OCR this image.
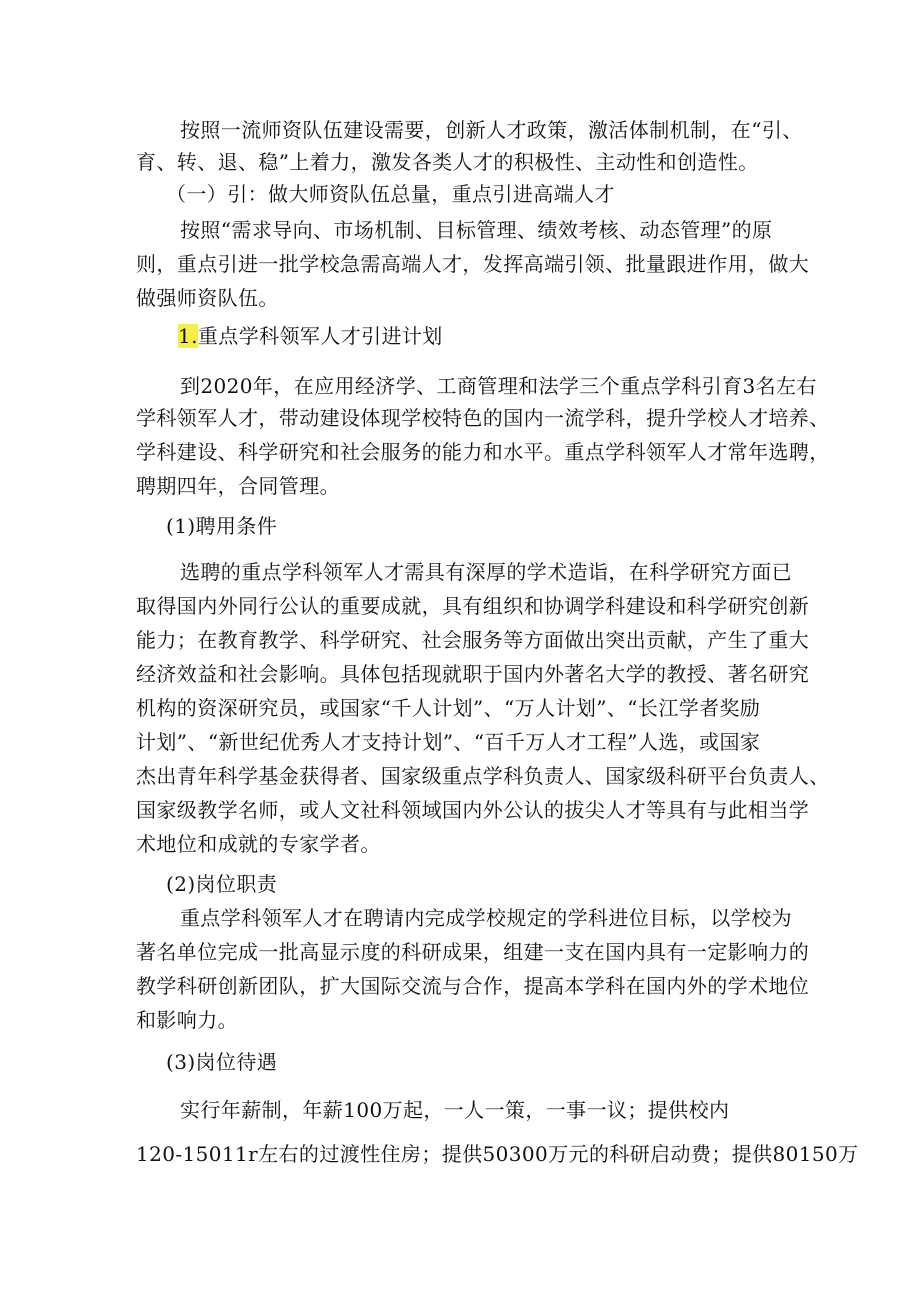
按照一流师资队伍建设需要，创新人才政策，激活体制机制，在“引、
育、转、退、稳”上着力，激发各类人才的积极性、主动性和创造性。
（一）引：做大师资队伍总量，重点引进高端人才
按照“需求导向、市场机制、目标管理、绩效考核、动态管理”的原
则，重点引进一批学校急需高端人才，发挥高端引领、批量跟进作用，做大
做强师资队伍。
1.重点学科领军人才引进计划
到2020年，在应用经济学、工商管理和法学三个重点学科引育3名左右
学科领军人才，带动建设体现学校特色的国内一流学科，提升学校人才培养、
学科建设、科学研究和社会服务的能力和水平。重点学科领军人才常年选聘，
聘期四年，合同管理。
(1)聘用条件
选聘的重点学科领军人才需具有深厚的学术造诣，在科学研究方面已
取得国内外同行公认的重要成就，具有组织和协调学科建设和科学研究创新
能力；在教育教学、科学研究、社会服务等方面做出突出贡献，产生了重大
经济效益和社会影响。具体包括现就职于国内外著名大学的教授、著名研究
机构的资深研究员，或国家“千人计划”、“万人计划”、“长江学者奖励
计划”、“新世纪优秀人才支持计划”、“百千万人才工程”人选，或国家
杰出青年科学基金获得者、国家级重点学科负责人、国家级科研平台负责人、
国家级教学名师，或人文社科领域国内外公认的拔尖人才等具有与此相当学
术地位和成就的专家学者。
(2)岗位职责
重点学科领军人才在聘请内完成学校规定的学科进位目标，以学校为
著名单位完成一批高显示度的科研成果，组建一支在国内具有一定影响力的
教学科研创新团队，扩大国际交流与合作，提高本学科在国内外的学术地位
和影响力。
(3)岗位待遇
实行年薪制，年薪100万起，一人一策，一事一议；提供校内
120-15011r左右的过渡性住房；提供50300万元的科研启动费；提供80150万
